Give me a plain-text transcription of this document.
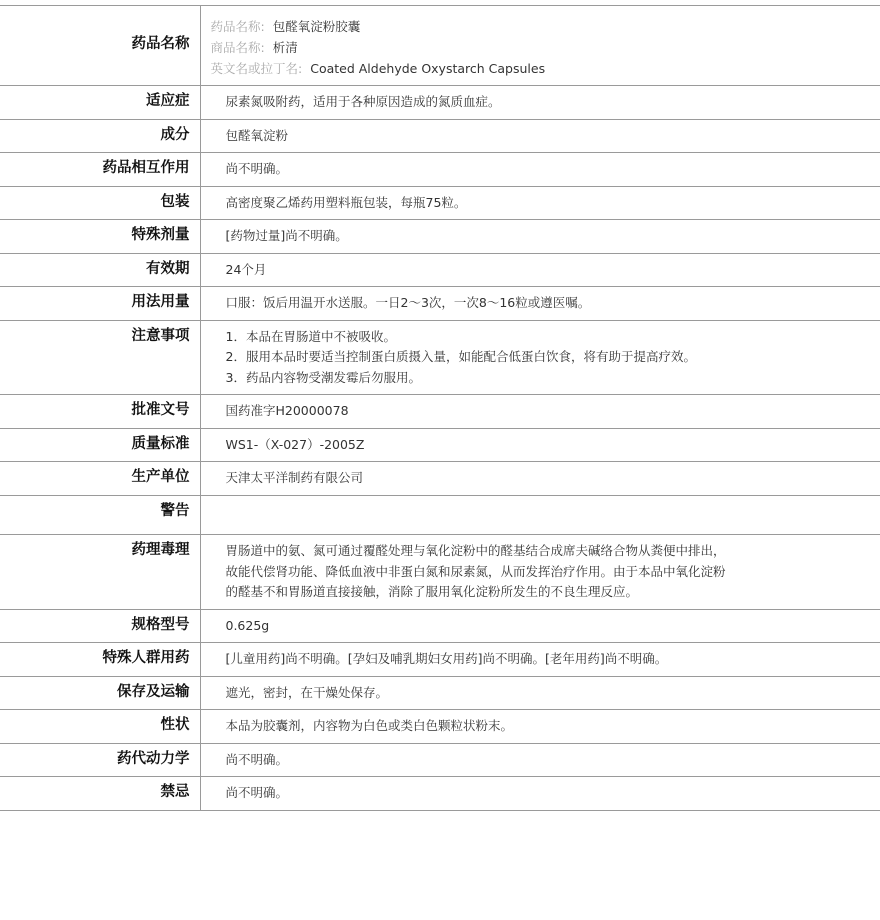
药品名称	药品名称: 包醛氧淀粉胶囊
商品名称: 析清
英文名或拉丁名: Coated Aldehyde Oxystarch Capsules

适应症	尿素氮吸附药，适用于各种原因造成的氮质血症。
成分	包醛氧淀粉
药品相互作用	尚不明确。
包装	高密度聚乙烯药用塑料瓶包装，每瓶75粒。
特殊剂量	[药物过量]尚不明确。
有效期	24个月
用法用量	口服：饭后用温开水送服。一日2～3次，一次8～16粒或遵医嘱。
注意事项	1．本品在胃肠道中不被吸收。
2．服用本品时要适当控制蛋白质摄入量，如能配合低蛋白饮食，将有助于提高疗效。
3．药品内容物受潮发霉后勿服用。

批准文号	国药准字H20000078
质量标准	WS1-（X-027）-2005Z
生产单位	天津太平洋制药有限公司
警告	
药理毒理	胃肠道中的氨、氮可通过覆醛处理与氧化淀粉中的醛基结合成席夫碱络合物从粪便中排出，
故能代偿肾功能、降低血液中非蛋白氮和尿素氮，从而发挥治疗作用。由于本品中氧化淀粉
的醛基不和胃肠道直接接触，消除了服用氧化淀粉所发生的不良生理反应。

规格型号	0.625g
特殊人群用药	[儿童用药]尚不明确。[孕妇及哺乳期妇女用药]尚不明确。[老年用药]尚不明确。
保存及运输	遮光，密封，在干燥处保存。
性状	本品为胶囊剂，内容物为白色或类白色颗粒状粉末。
药代动力学	尚不明确。
禁忌	尚不明确。
